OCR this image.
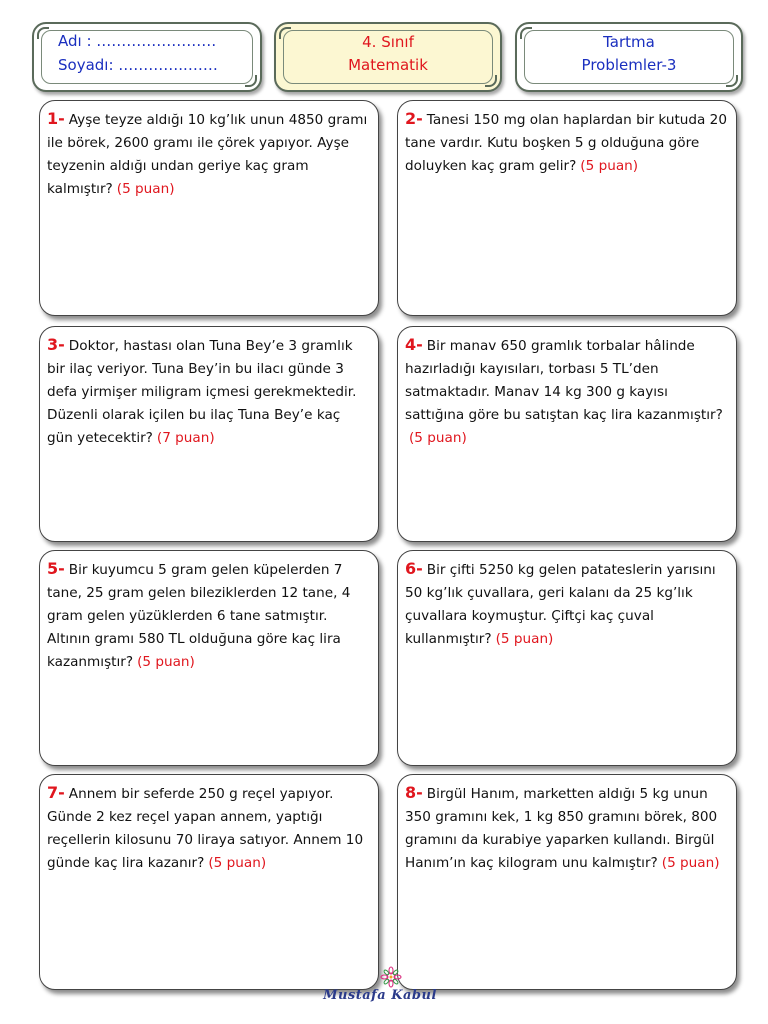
Adı : ……………………
Soyadı: …………..……
4. Sınıf
Matematik
Tartma
Problemler-3
1- Ayşe teyze aldığı 10 kg’lık unun 4850 gramı ile börek, 2600 gramı ile çörek yapıyor. Ayşe teyzenin aldığı undan geriye kaç gram kalmıştır? (5 puan)
2- Tanesi 150 mg olan haplardan bir kutuda 20 tane vardır. Kutu boşken 5 g olduğuna göre doluyken kaç gram gelir? (5 puan)
3- Doktor, hastası olan Tuna Bey’e 3 gramlık bir ilaç veriyor. Tuna Bey’in bu ilacı günde 3 defa yirmişer miligram içmesi gerekmektedir. Düzenli olarak içilen bu ilaç Tuna Bey’e kaç gün yetecektir? (7 puan)
4- Bir manav 650 gramlık torbalar hâlinde hazırladığı kayısıları, torbası 5 TL’den satmaktadır. Manav 14 kg 300 g kayısı sattığına göre bu satıştan kaç lira kazanmıştır?(5 puan)
5- Bir kuyumcu 5 gram gelen küpelerden 7 tane, 25 gram gelen bileziklerden 12 tane, 4 gram gelen yüzüklerden 6 tane satmıştır. Altının gramı 580 TL olduğuna göre kaç lira kazanmıştır? (5 puan)
6- Bir çifti 5250 kg gelen patateslerin yarısını 50 kg’lık çuvallara, geri kalanı da 25 kg’lık çuvallara koymuştur. Çiftçi kaç çuval kullanmıştır? (5 puan)
7- Annem bir seferde 250 g reçel yapıyor. Günde 2 kez reçel yapan annem, yaptığı reçellerin kilosunu 70 liraya satıyor. Annem 10 günde kaç lira kazanır? (5 puan)
8- Birgül Hanım, marketten aldığı 5 kg unun 350 gramını kek, 1 kg 850 gramını börek, 800 gramını da kurabiye yaparken kullandı. Birgül Hanım’ın kaç kilogram unu kalmıştır? (5 puan)
Mustafa Kabul
